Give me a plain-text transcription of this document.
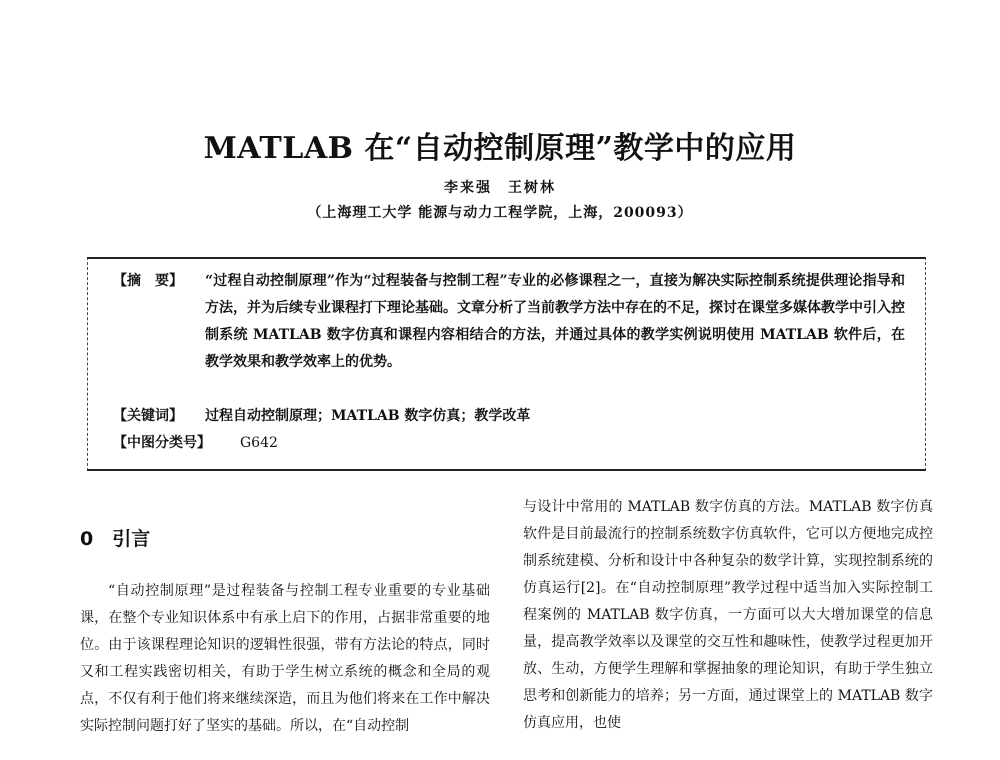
MATLAB 在“自动控制原理”教学中的应用
李来强　王树林
（上海理工大学 能源与动力工程学院，上海，200093）
【摘　要】	“过程自动控制原理”作为“过程装备与控制工程”专业的必修课程之一，直接为解决实际控制系统提供理论指导和方法，并为后续专业课程打下理论基础。文章分析了当前教学方法中存在的不足，探讨在课堂多媒体教学中引入控制系统 MATLAB 数字仿真和课程内容相结合的方法，并通过具体的教学实例说明使用 MATLAB 软件后，在教学效果和教学效率上的优势。
【关键词】 过程自动控制原理；MATLAB 数字仿真；教学改革
【中图分类号】 G642
0　引言

“自动控制原理”是过程装备与控制工程专业重要的专业基础课，在整个专业知识体系中有承上启下的作用，占据非常重要的地位。由于该课程理论知识的逻辑性很强，带有方法论的特点，同时又和工程实践密切相关，有助于学生树立系统的概念和全局的观点，不仅有利于他们将来继续深造，而且为他们将来在工作中解决实际控制问题打好了坚实的基础。所以，在“自动控制

与设计中常用的 MATLAB 数字仿真的方法。MATLAB 数字仿真软件是目前最流行的控制系统数字仿真软件，它可以方便地完成控制系统建模、分析和设计中各种复杂的数学计算，实现控制系统的仿真运行[2]。在“自动控制原理”教学过程中适当加入实际控制工程案例的 MATLAB 数字仿真，一方面可以大大增加课堂的信息量，提高教学效率以及课堂的交互性和趣味性，使教学过程更加开放、生动，方便学生理解和掌握抽象的理论知识，有助于学生独立思考和创新能力的培养；另一方面，通过课堂上的 MATLAB 数字仿真应用，也使
